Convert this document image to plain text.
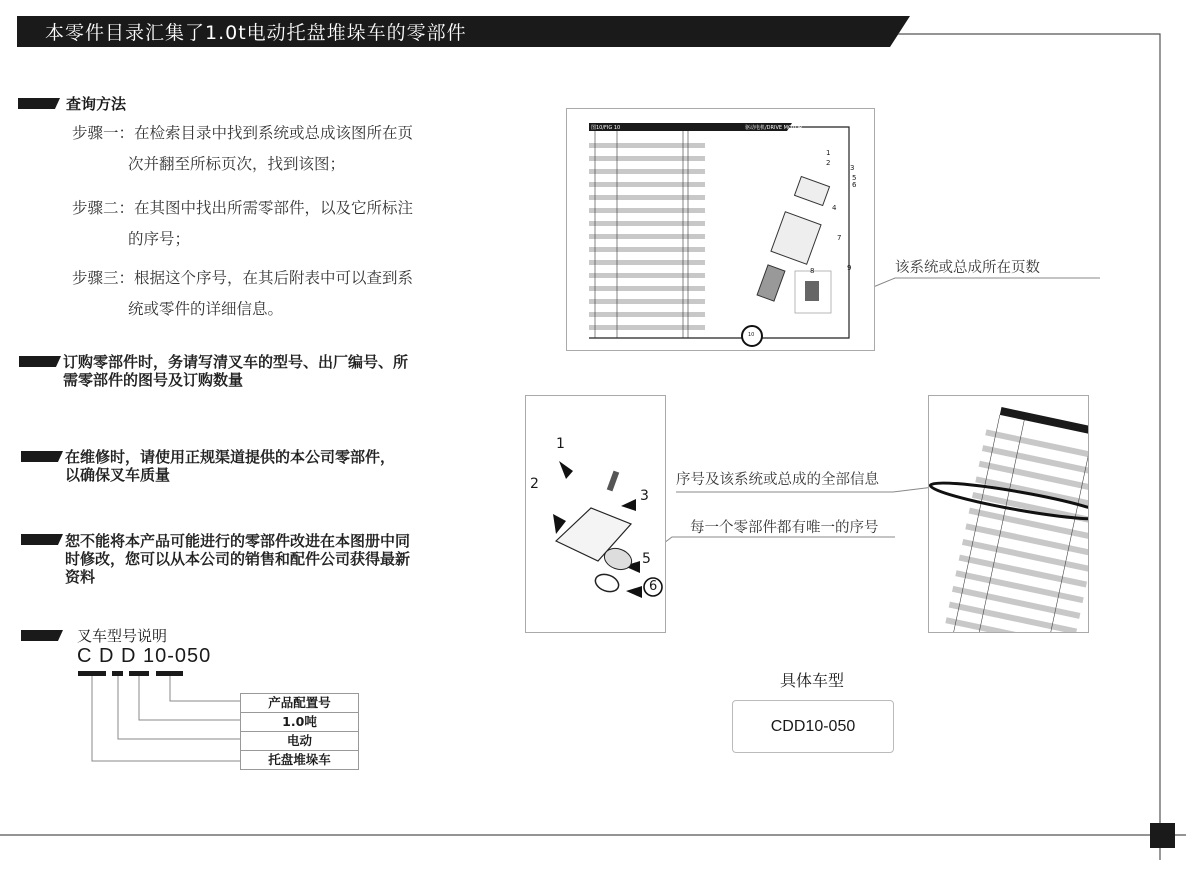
本零件目录汇集了1.0t电动托盘堆垛车的零部件
查询方法
步骤一：在检索目录中找到系统或总成该图所在页
次并翻至所标页次，找到该图；
步骤二：在其图中找出所需零部件，以及它所标注
的序号；
步骤三：根据这个序号，在其后附表中可以查到系
统或零件的详细信息。
订购零部件时，务请写清叉车的型号、出厂编号、所
需零部件的图号及订购数量
在维修时，请使用正规渠道提供的本公司零部件，
以确保叉车质量
恕不能将本产品可能进行的零部件改进在本图册中同
时修改，您可以从本公司的销售和配件公司获得最新
资料
叉车型号说明
C D D 10-050
产品配置号
1.0吨
电动
托盘堆垛车
图10/FIG 10	驱动电机/DRIVE MOTOR
10
1
2
3
4
5
6
7
8	9	该系统或总成所在页数
1
2
3
5
6
序号及该系统或总成的全部信息
每一个零部件都有唯一的序号
具体车型
CDD10-050
